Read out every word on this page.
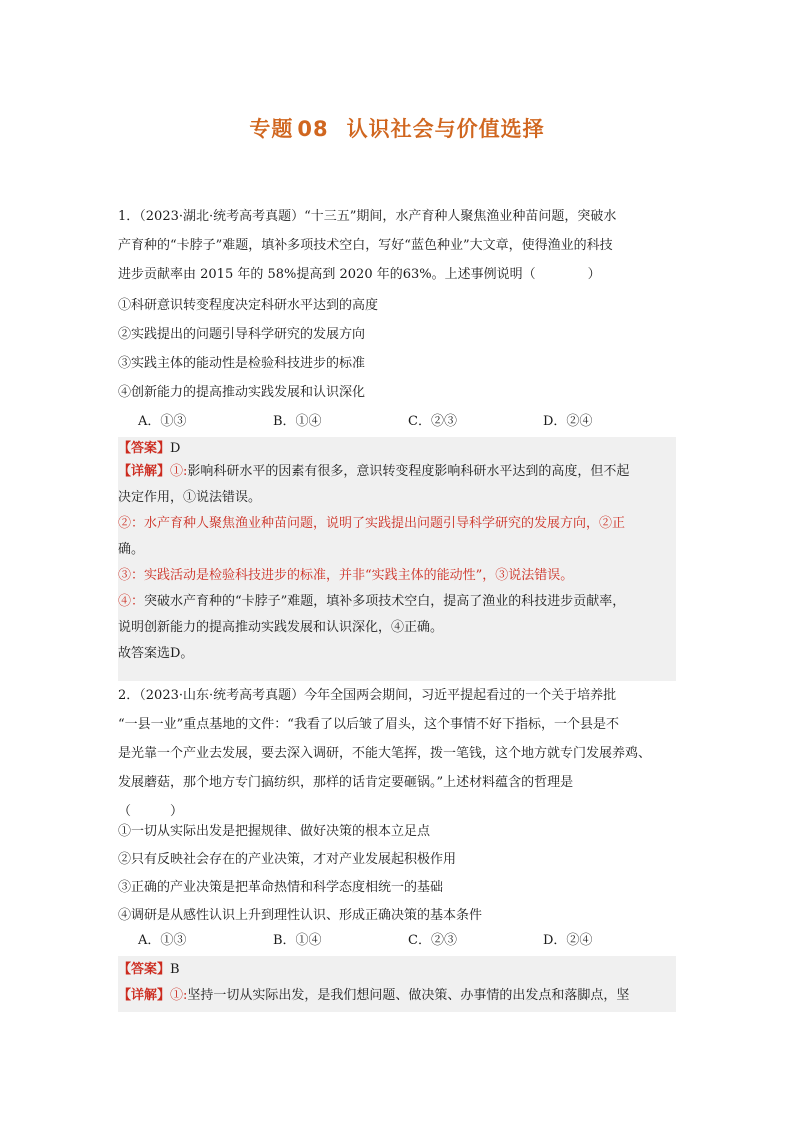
专题 08 认识社会与价值选择
1．（2023·湖北·统考高考真题）“十三五”期间，水产育种人聚焦渔业种苗问题，突破水
产育种的“卡脖子”难题，填补多项技术空白，写好“蓝色种业”大文章，使得渔业的科技
进步贡献率由 2015 年的 58%提高到 2020 年的63%。上述事例说明（　　　　）
①科研意识转变程度决定科研水平达到的高度
②实践提出的问题引导科学研究的发展方向
③实践主体的能动性是检验科技进步的标准
④创新能力的提高推动实践发展和认识深化
A．①③	B．①④	C．②③	D．②④
【答案】D
【详解】①:影响科研水平的因素有很多，意识转变程度影响科研水平达到的高度，但不起
决定作用，①说法错误。
②：水产育种人聚焦渔业种苗问题，说明了实践提出问题引导科学研究的发展方向，②正
确。
③：实践活动是检验科技进步的标准，并非“实践主体的能动性”，③说法错误。
④：突破水产育种的“卡脖子”难题，填补多项技术空白，提高了渔业的科技进步贡献率，
说明创新能力的提高推动实践发展和认识深化，④正确。
故答案选D。
2．（2023·山东·统考高考真题）今年全国两会期间，习近平提起看过的一个关于培养批
“一县一业”重点基地的文件：“我看了以后皱了眉头，这个事情不好下指标，一个县是不
是光靠一个产业去发展，要去深入调研，不能大笔挥，拨一笔钱，这个地方就专门发展养鸡、
发展蘑菇，那个地方专门搞纺织，那样的话肯定要砸锅。”上述材料蕴含的哲理是
（　　　）
①一切从实际出发是把握规律、做好决策的根本立足点
②只有反映社会存在的产业决策，才对产业发展起积极作用
③正确的产业决策是把革命热情和科学态度相统一的基础
④调研是从感性认识上升到理性认识、形成正确决策的基本条件
A．①③	B．①④	C．②③	D．②④
【答案】B
【详解】①:坚持一切从实际出发，是我们想问题、做决策、办事情的出发点和落脚点，坚
